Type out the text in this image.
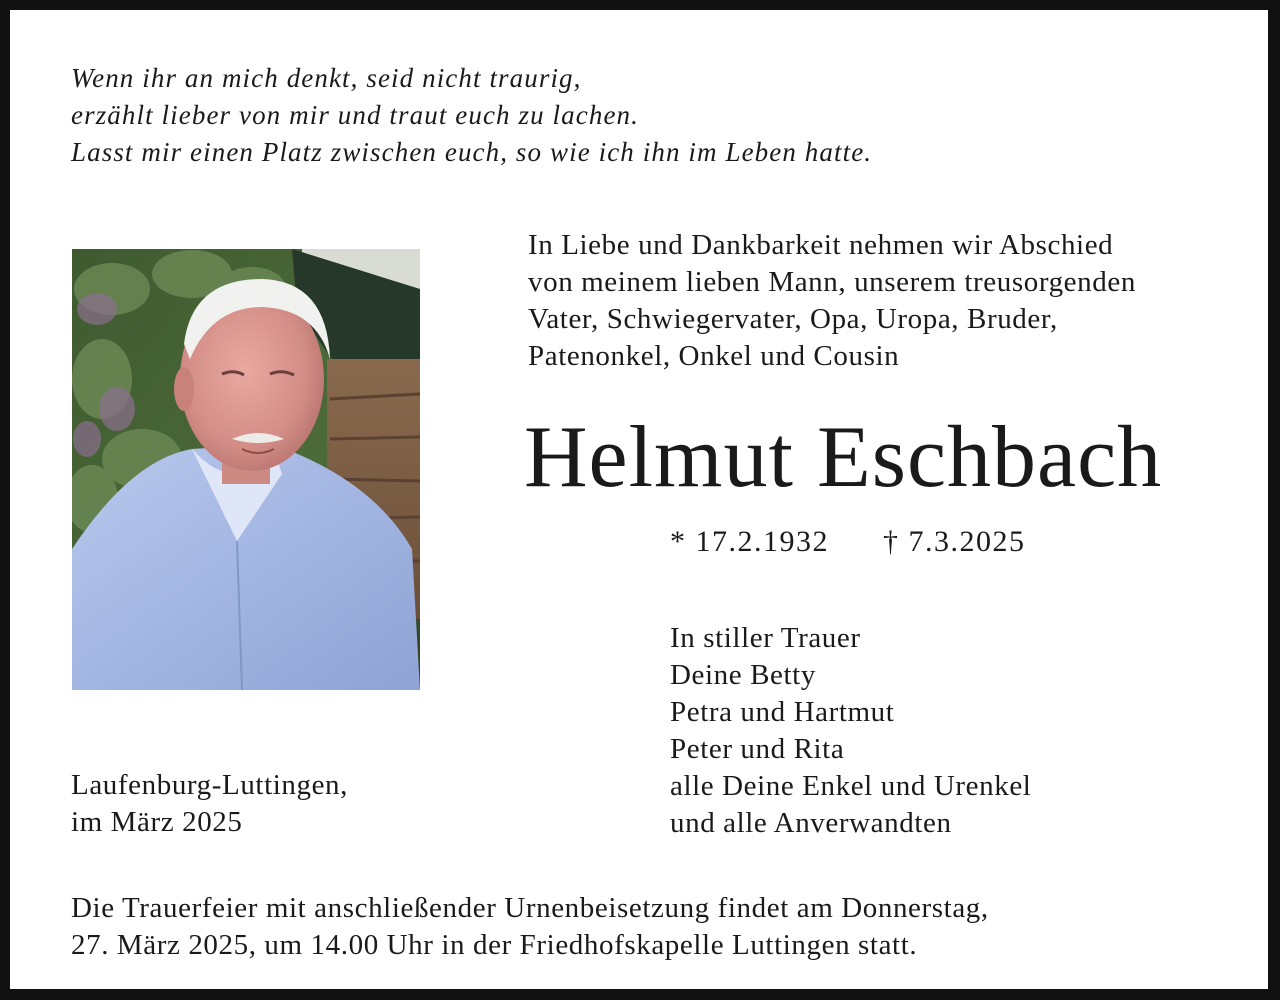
Wenn ihr an mich denkt, seid nicht traurig,
erzählt lieber von mir und traut euch zu lachen.
Lasst mir einen Platz zwischen euch, so wie ich ihn im Leben hatte.
In Liebe und Dankbarkeit nehmen wir Abschied
von meinem lieben Mann, unserem treusorgenden
Vater, Schwiegervater, Opa, Uropa, Bruder,
Patenonkel, Onkel und Cousin
Helmut Eschbach
* 17.2.1932 † 7.3.2025
In stiller Trauer
Deine Betty
Petra und Hartmut
Peter und Rita
alle Deine Enkel und Urenkel
und alle Anverwandten
Laufenburg-Luttingen,
im März 2025
Die Trauerfeier mit anschließender Urnenbeisetzung findet am Donnerstag,
27. März 2025, um 14.00 Uhr in der Friedhofskapelle Luttingen statt.
